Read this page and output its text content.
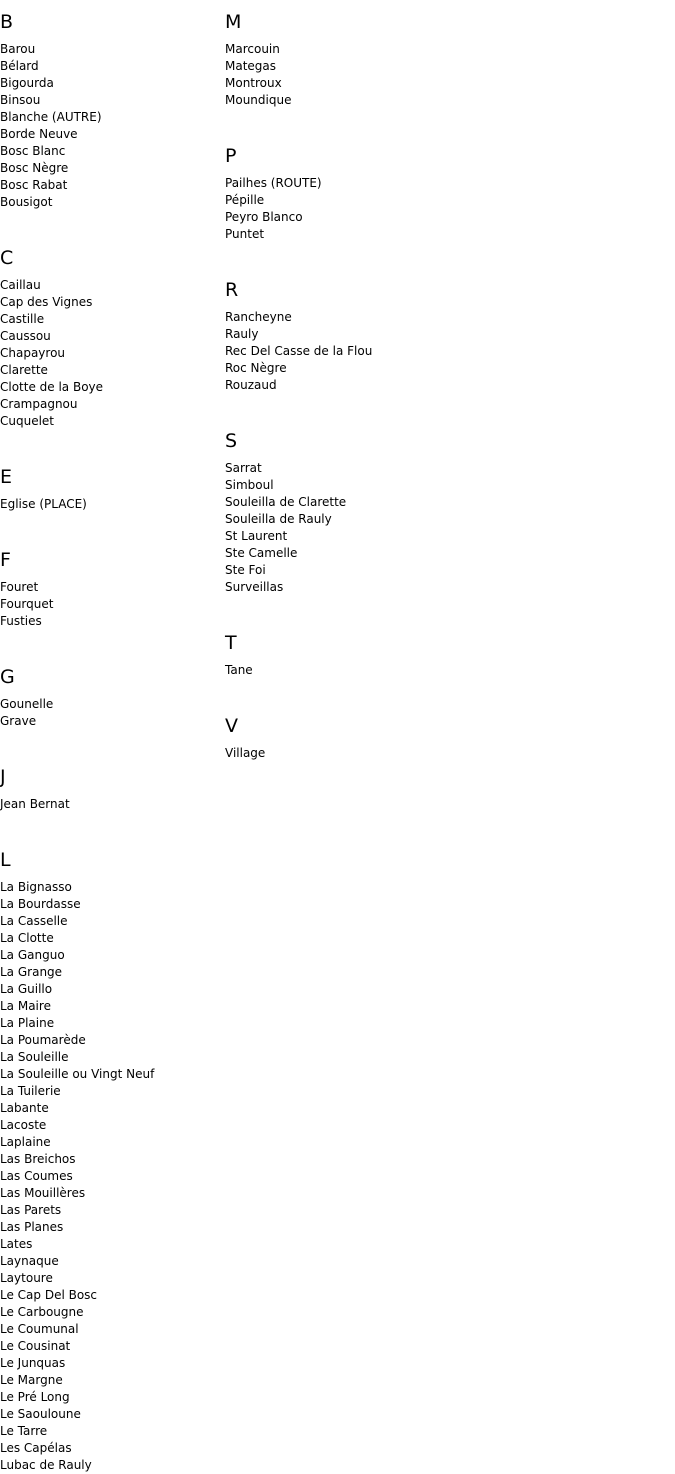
B
Barou
Bélard
Bigourda
Binsou
Blanche (AUTRE)
Borde Neuve
Bosc Blanc
Bosc Nègre
Bosc Rabat
Bousigot
C
Caillau
Cap des Vignes
Castille
Caussou
Chapayrou
Clarette
Clotte de la Boye
Crampagnou
Cuquelet
E
Eglise (PLACE)
F
Fouret
Fourquet
Fusties
G
Gounelle
Grave
J
Jean Bernat
L
La Bignasso
La Bourdasse
La Casselle
La Clotte
La Ganguo
La Grange
La Guillo
La Maire
La Plaine
La Poumarède
La Souleille
La Souleille ou Vingt Neuf
La Tuilerie
Labante
Lacoste
Laplaine
Las Breichos
Las Coumes
Las Mouillères
Las Parets
Las Planes
Lates
Laynaque
Laytoure
Le Cap Del Bosc
Le Carbougne
Le Coumunal
Le Cousinat
Le Junquas
Le Margne
Le Pré Long
Le Saouloune
Le Tarre
Les Capélas
Lubac de Rauly
M
Marcouin
Mategas
Montroux
Moundique
P
Pailhes (ROUTE)
Pépille
Peyro Blanco
Puntet
R
Rancheyne
Rauly
Rec Del Casse de la Flou
Roc Nègre
Rouzaud
S
Sarrat
Simboul
Souleilla de Clarette
Souleilla de Rauly
St Laurent
Ste Camelle
Ste Foi
Surveillas
T
Tane
V
Village
